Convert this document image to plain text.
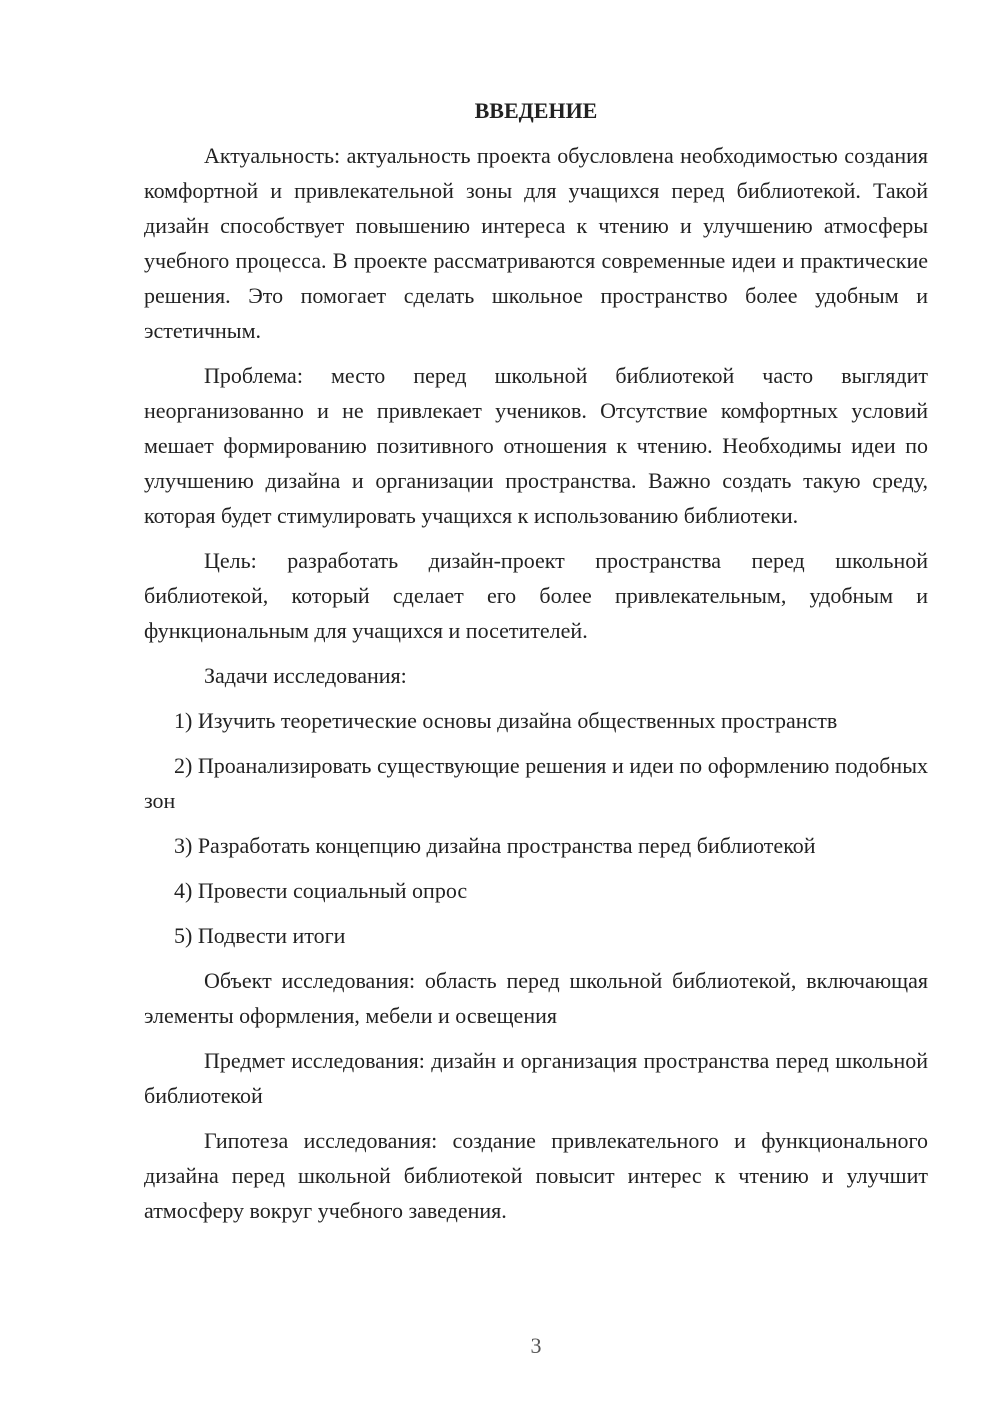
ВВЕДЕНИЕ

Актуальность: актуальность проекта обусловлена необходимостью создания комфортной и привлекательной зоны для учащихся перед библиотекой. Такой дизайн способствует повышению интереса к чтению и улучшению атмосферы учебного процесса. В проекте рассматриваются современные идеи и практические решения. Это помогает сделать школьное пространство более удобным и эстетичным.

Проблема: место перед школьной библиотекой часто выглядит неорганизованно и не привлекает учеников. Отсутствие комфортных условий мешает формированию позитивного отношения к чтению. Необходимы идеи по улучшению дизайна и организации пространства. Важно создать такую среду, которая будет стимулировать учащихся к использованию библиотеки.

Цель: разработать дизайн-проект пространства перед школьной библиотекой, который сделает его более привлекательным, удобным и функциональным для учащихся и посетителей.

Задачи исследования:

1) Изучить теоретические основы дизайна общественных пространств

2) Проанализировать существующие решения и идеи по оформлению подобных зон

3) Разработать концепцию дизайна пространства перед библиотекой

4) Провести социальный опрос

5) Подвести итоги

Объект исследования: область перед школьной библиотекой, включающая элементы оформления, мебели и освещения

Предмет исследования: дизайн и организация пространства перед школьной библиотекой

Гипотеза исследования: создание привлекательного и функционального дизайна перед школьной библиотекой повысит интерес к чтению и улучшит атмосферу вокруг учебного заведения.

3
